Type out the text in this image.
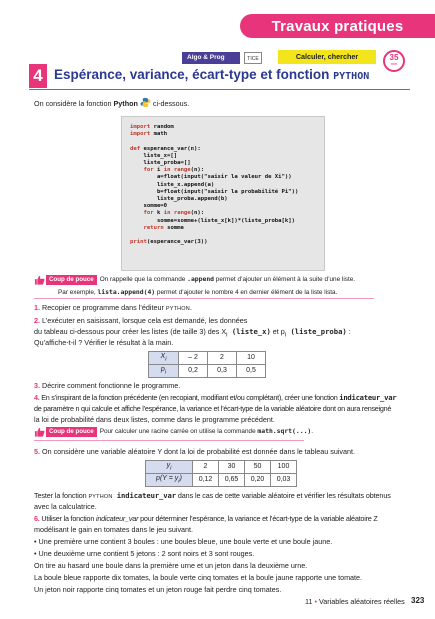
Travaux pratiques
Algo & Prog	TICE	Calculer, chercher	35
min
4 Espérance, variance, écart-type et fonction PYTHON
On considère la fonction Python  ci-dessous.
import random
import math

def esperance_var(n):
liste_x=[]
liste_proba=[]
for i in range(n):
a=float(input("saisir la valeur de Xi"))
liste_x.append(a)
b=float(input("saisir la probabilité Pi"))
liste_proba.append(b)
somme=0
for k in range(n):
somme=somme+(liste_x[k])*(liste_proba[k])
return somme

print(esperance_var(3))
Coup de pouce On rappelle que la commande .append permet d’ajouter un élément à la suite d’une liste.
Par exemple, lista.append(4) permet d’ajouter le nombre 4 en dernier élément de la liste lista.
1. Recopier ce programme dans l’éditeur PYTHON.
2. L’exécuter en saisissant, lorsque cela est demandé, les données
du tableau ci-dessous pour créer les listes (de taille 3) des $X_i$ (liste_x) et $p_i$ (liste_proba) :
Qu’affiche-t-il ? Vérifier le résultat à la main.
$X_i$	– 2	2	10
$p_i$	0,2	0,3	0,5
3. Décrire comment fonctionne le programme.
4. En s’inspirant de la fonction précédente (en recopiant, modifiant et/ou complétant), créer une fonction indicateur_var
de paramètre n qui calcule et affiche l’espérance, la variance et l’écart-type de la variable aléatoire dont on aura renseigné
la loi de probabilité dans deux listes, comme dans le programme précédent.
Coup de pouce Pour calculer une racine carrée on utilise la commande math.sqrt(...).
5. On considère une variable aléatoire Y dont la loi de probabilité est donnée dans le tableau suivant.
$y_i$	2	30	50	100
$p(Y = y_i)$	0,12	0,65	0,20	0,03
Tester la fonction PYTHON indicateur_var dans le cas de cette variable aléatoire et vérifier les résultats obtenus
avec la calculatrice.
6. Utiliser la fonction indicateur_var pour déterminer l’espérance, la variance et l’écart-type de la variable aléatoire Z
modélisant le gain en tomates dans le jeu suivant.
• Une première urne contient 3 boules : une boules bleue, une boule verte et une boule jaune.
• Une deuxième urne contient 5 jetons : 2 sont noirs et 3 sont rouges.
On tire au hasard une boule dans la première urne et un jeton dans la deuxième urne.
La boule bleue rapporte dix tomates, la boule verte cinq tomates et la boule jaune rapporte une tomate.
Un jeton noir rapporte cinq tomates et un jeton rouge fait perdre cinq tomates.
11 • Variables aléatoires réelles 323
